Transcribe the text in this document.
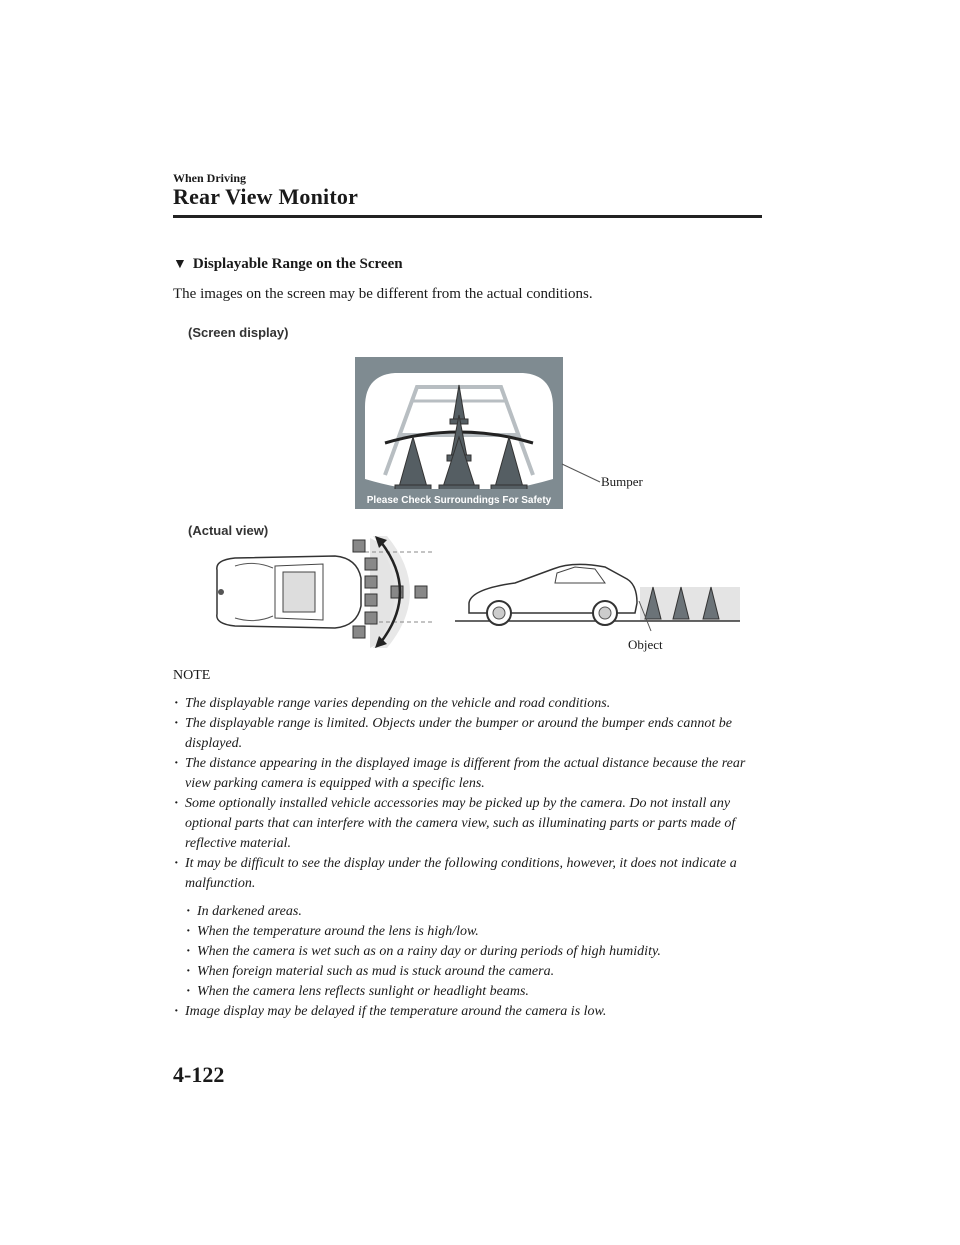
When Driving
Rear View Monitor
▼ Displayable Range on the Screen
The images on the screen may be different from the actual conditions.
(Screen display)
Please Check Surroundings For Safety
Bumper
(Actual view)
Object
NOTE
· The displayable range varies depending on the vehicle and road conditions.
· The displayable range is limited. Objects under the bumper or around the bumper ends cannot be displayed.
· The distance appearing in the displayed image is different from the actual distance because the rear view parking camera is equipped with a specific lens.
· Some optionally installed vehicle accessories may be picked up by the camera. Do not install any optional parts that can interfere with the camera view, such as illuminating parts or parts made of reflective material.
· It may be difficult to see the display under the following conditions, however, it does not indicate a malfunction.
· In darkened areas.
· When the temperature around the lens is high/low.
· When the camera is wet such as on a rainy day or during periods of high humidity.
· When foreign material such as mud is stuck around the camera.
· When the camera lens reflects sunlight or headlight beams.
· Image display may be delayed if the temperature around the camera is low.
4-122
